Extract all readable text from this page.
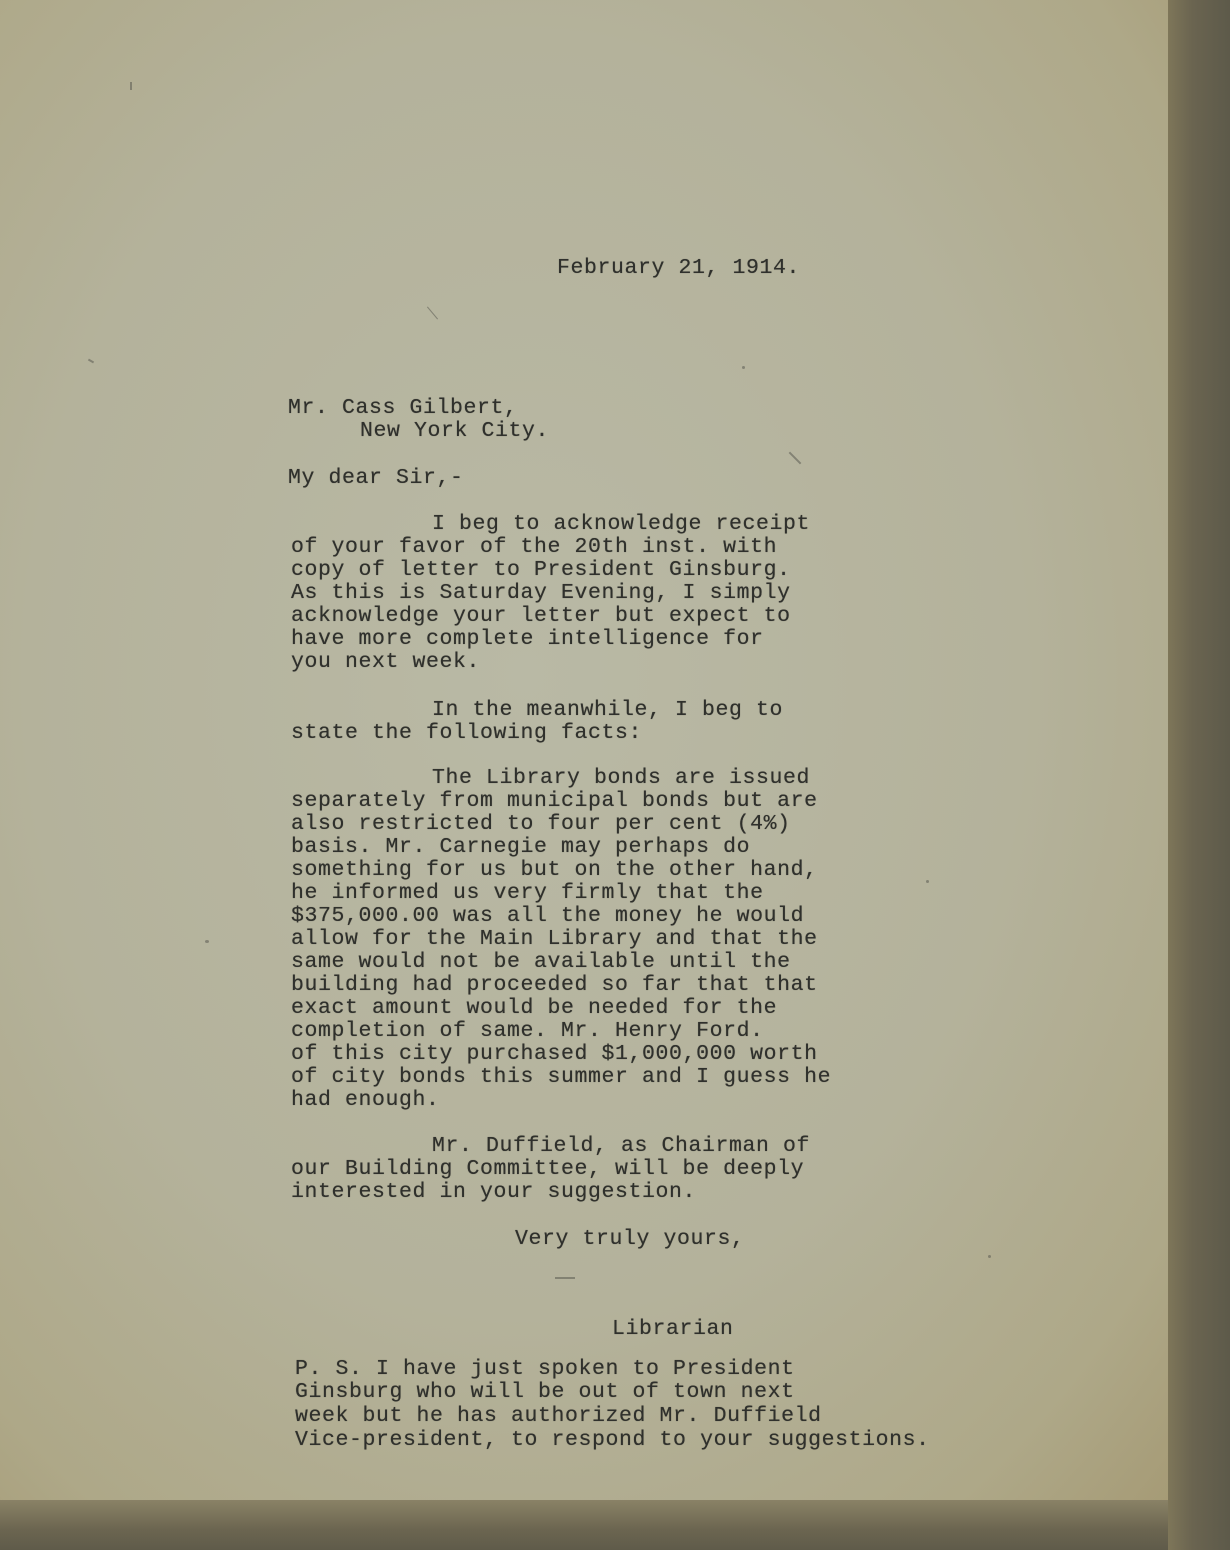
February 21, 1914.
Mr. Cass Gilbert,
New York City.
My dear Sir,-
I beg to acknowledge receipt
of your favor of the 20th inst. with
copy of letter to President Ginsburg.
As this is Saturday Evening, I simply
acknowledge your letter but expect to
have more complete intelligence for
you next week.
In the meanwhile, I beg to
state the following facts:
The Library bonds are issued
separately from municipal bonds but are
also restricted to four per cent (4%)
basis. Mr. Carnegie may perhaps do
something for us but on the other hand,
he informed us very firmly that the
$375,000.00 was all the money he would
allow for the Main Library and that the
same would not be available until the
building had proceeded so far that that
exact amount would be needed for the
completion of same. Mr. Henry Ford.
of this city purchased $1,000,000 worth
of city bonds this summer and I guess he
had enough.
Mr. Duffield, as Chairman of
our Building Committee, will be deeply
interested in your suggestion.
Very truly yours,
Librarian
P. S. I have just spoken to President
Ginsburg who will be out of town next
week but he has authorized Mr. Duffield
Vice-president, to respond to your suggestions.
